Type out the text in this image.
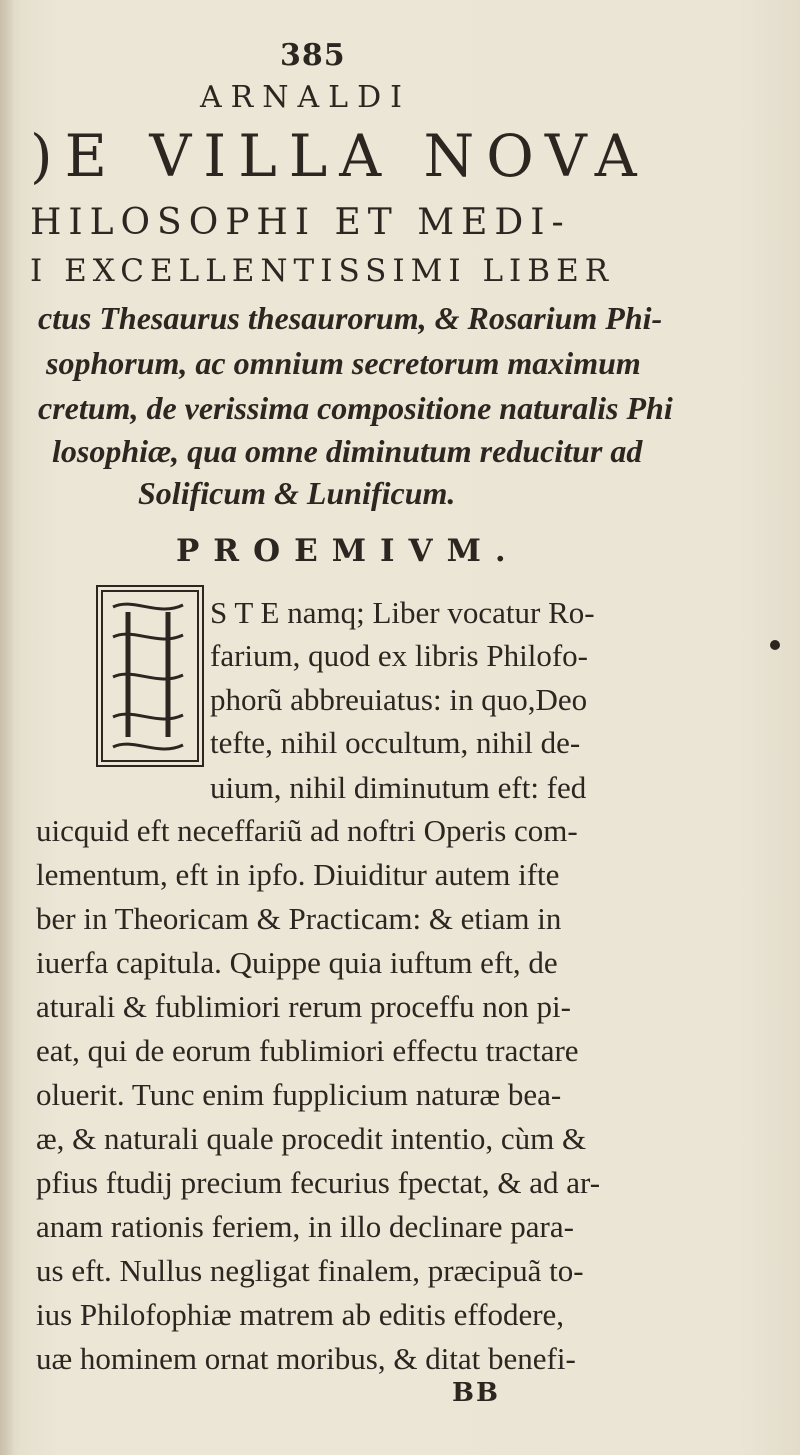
385
ARNALDI
)E VILLA NOVA
HILOSOPHI ET MEDI-
I EXCELLENTISSIMI LIBER
ctus Thesaurus thesaurorum, & Rosarium Phi-
sophorum, ac omnium secretorum maximum
cretum, de verissima compositione naturalis Phi
losophiæ, qua omne diminutum reducitur ad
Solificum & Lunificum.
PROEMIVM.
S T E namq; Liber vocatur Ro-
farium, quod ex libris Philofo-
phorũ abbreuiatus: in quo,Deo
tefte, nihil occultum, nihil de-
uium, nihil diminutum eft: fed
uicquid eft neceffariũ ad noftri Operis com-
lementum, eft in ipfo. Diuiditur autem ifte
ber in Theoricam & Practicam: & etiam in
iuerfa capitula. Quippe quia iuftum eft, de
aturali & fublimiori rerum proceffu non pi-
eat, qui de eorum fublimiori effectu tractare
oluerit. Tunc enim fupplicium naturæ bea-
æ, & naturali quale procedit intentio, cùm &
pfius ftudij precium fecurius fpectat, & ad ar-
anam rationis feriem, in illo declinare para-
us eft. Nullus negligat finalem, præcipuã to-
ius Philofophiæ matrem ab editis effodere,
uæ hominem ornat moribus, & ditat benefi-
BB
